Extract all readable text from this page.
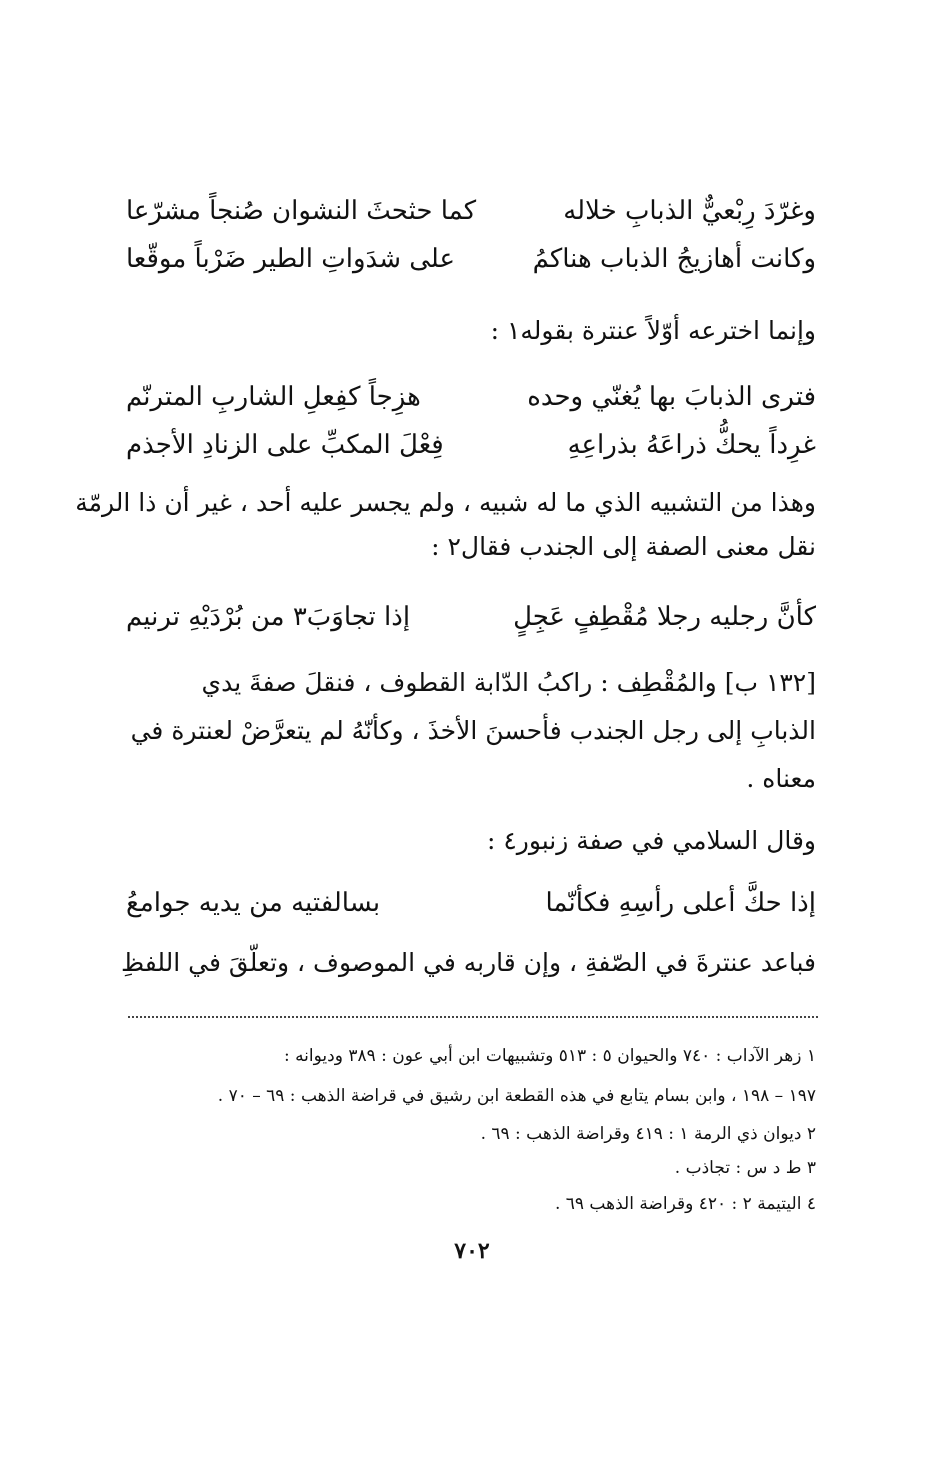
وغرّدَ رِبْعيٌّ الذبابِ خلاله
كما حثحثَ النشوان صُنجاً مشرّعا
وكانت أهازيجُ الذباب هناكمُ
على شدَواتِ الطير ضَرْباً موقّعا
وإنما اخترعه أوّلاً عنترة بقوله١ :
فترى الذبابَ بها يُغنّي وحده
هزِجاً كفِعلِ الشاربِ المترنّم
غرِداً يحكُّ ذراعَهُ بذراعِهِ
فِعْلَ المكبِّ على الزنادِ الأجذم
وهذا من التشبيه الذي ما له شبيه ، ولم يجسر عليه أحد ، غير أن ذا الرمّة
نقل معنى الصفة إلى الجندب فقال٢ :
كأنَّ رجليه رجلا مُقْطِفٍ عَجِلٍ
إذا تجاوَبَ٣ من بُرْدَيْهِ ترنيم
[١٣٢ ب] والمُقْطِف : راكبُ الدّابة القطوف ، فنقلَ صفةَ يدي
الذبابِ إلى رجل الجندب فأحسنَ الأخذَ ، وكأنّهُ لم يتعرَّضْ لعنترة في
معناه .
وقال السلامي في صفة زنبور٤ :
إذا حكَّ أعلى رأسِهِ فكأنّما
بسالفتيه من يديه جوامعُ
فباعد عنترةَ في الصّفةِ ، وإن قاربه في الموصوف ، وتعلّقَ في اللفظِ
١ زهر الآداب : ٧٤٠ والحيوان ٥ : ٥١٣ وتشبيهات ابن أبي عون : ٣٨٩ وديوانه :
١٩٧ – ١٩٨ ، وابن بسام يتابع في هذه القطعة ابن رشيق في قراضة الذهب : ٦٩ – ٧٠ .
٢ ديوان ذي الرمة ١ : ٤١٩ وقراضة الذهب : ٦٩ .
٣ ط د س : تجاذب .
٤ اليتيمة ٢ : ٤٢٠ وقراضة الذهب ٦٩ .
٧٠٢
